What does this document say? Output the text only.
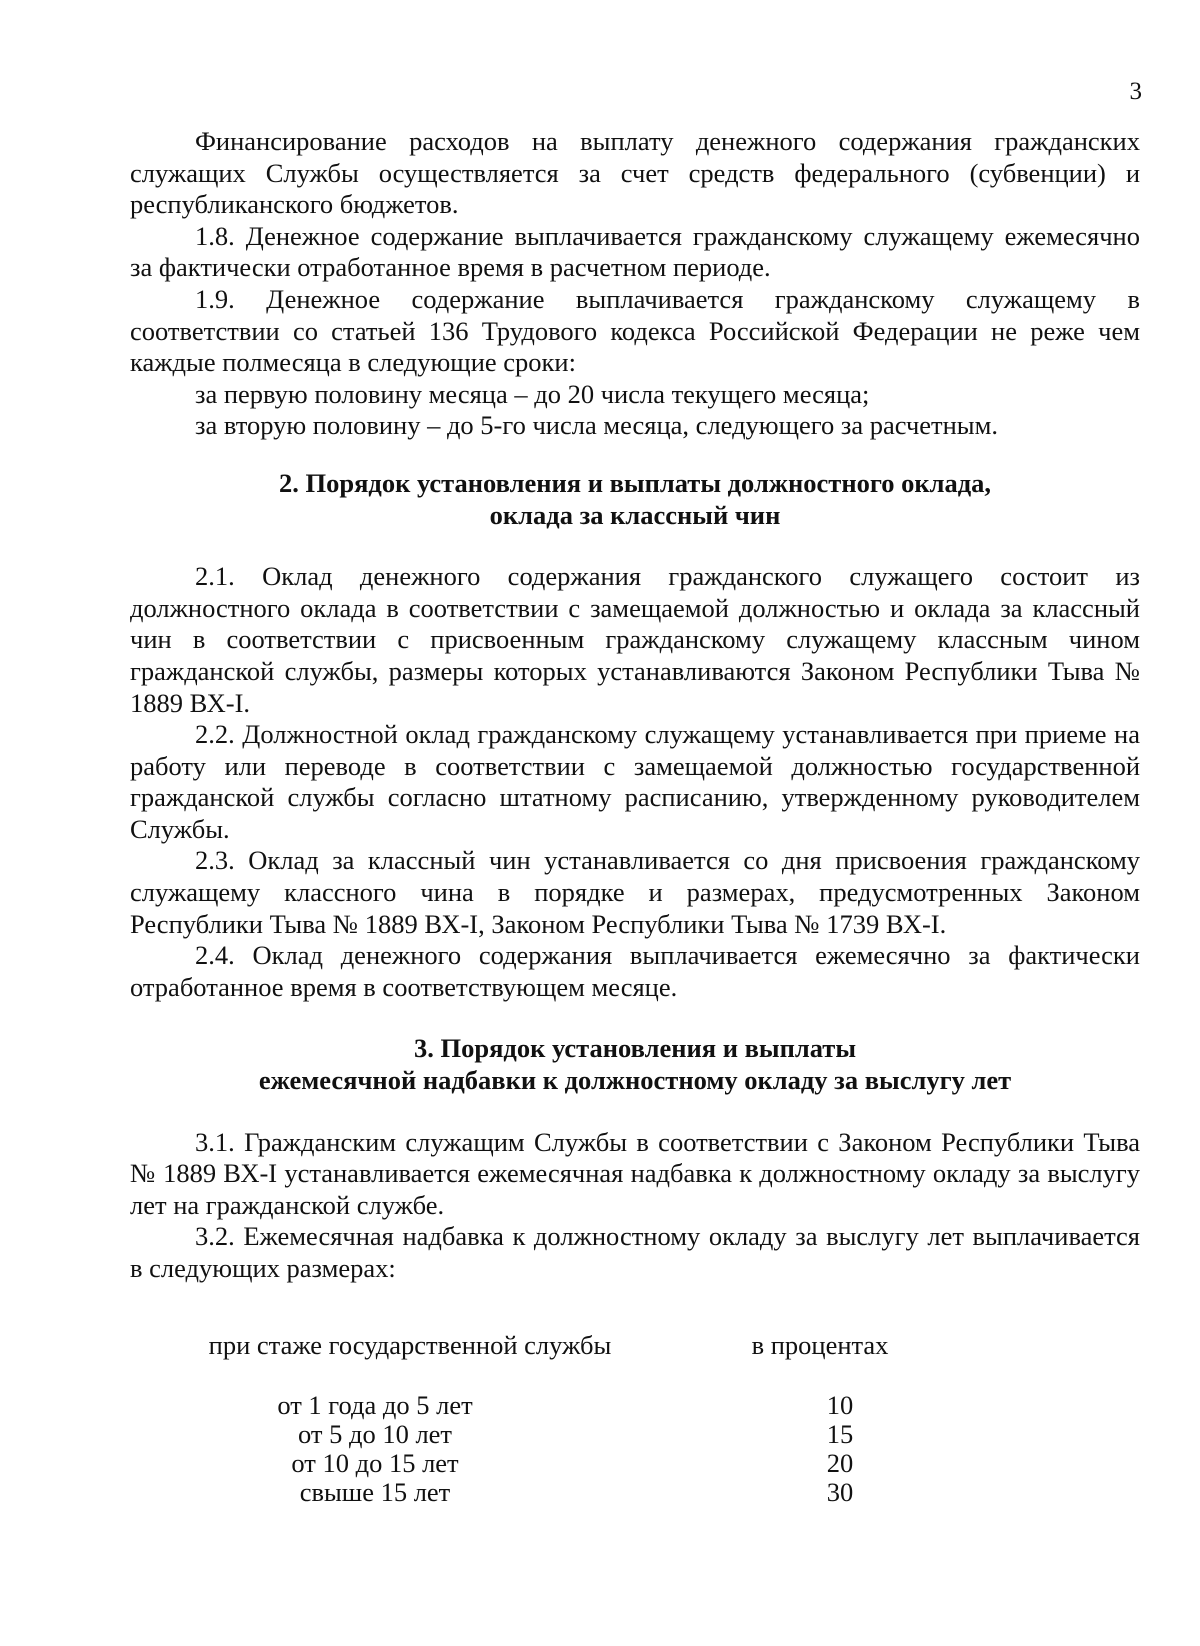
3

Финансирование расходов на выплату денежного содержания гражданских служащих Службы осуществляется за счет средств федерального (субвенции) и республиканского бюджетов.

1.8. Денежное содержание выплачивается гражданскому служащему ежемесячно за фактически отработанное время в расчетном периоде.

1.9. Денежное содержание выплачивается гражданскому служащему в соответствии со статьей 136 Трудового кодекса Российской Федерации не реже чем каждые полмесяца в следующие сроки:

за первую половину месяца – до 20 числа текущего месяца;

за вторую половину – до 5-го числа месяца, следующего за расчетным.

2. Порядок установления и выплаты должностного оклада,

оклада за классный чин

2.1. Оклад денежного содержания гражданского служащего состоит из должностного оклада в соответствии с замещаемой должностью и оклада за классный чин в соответствии с присвоенным гражданскому служащему классным чином гражданской службы, размеры которых устанавливаются Законом Республики Тыва № 1889 ВХ-I.

2.2. Должностной оклад гражданскому служащему устанавливается при приеме на работу или переводе в соответствии с замещаемой должностью государственной гражданской службы согласно штатному расписанию, утвержденному руководителем Службы.

2.3. Оклад за классный чин устанавливается со дня присвоения гражданскому служащему классного чина в порядке и размерах, предусмотренных Законом Республики Тыва № 1889 ВХ-I, Законом Республики Тыва № 1739 ВХ-I.

2.4. Оклад денежного содержания выплачивается ежемесячно за фактически отработанное время в соответствующем месяце.

3. Порядок установления и выплаты

ежемесячной надбавки к должностному окладу за выслугу лет

3.1. Гражданским служащим Службы в соответствии с Законом Республики Тыва № 1889 ВХ-I устанавливается ежемесячная надбавка к должностному окладу за выслугу лет на гражданской службе.

3.2. Ежемесячная надбавка к должностному окладу за выслугу лет выплачивается в следующих размерах:

при стаже государственной службы	в процентах
от 1 года до 5 лет	10
от 5 до 10 лет	15
от 10 до 15 лет	20
свыше 15 лет	30
